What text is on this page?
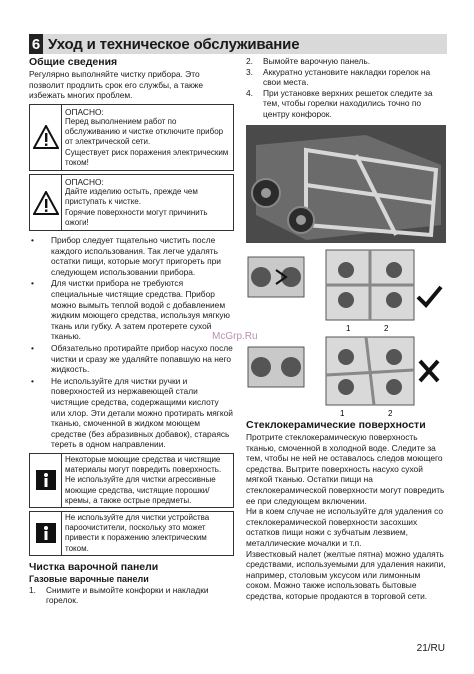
6 Уход и техническое обслуживание
Общие сведения

Регулярно выполняйте чистку прибора. Это позволит продлить срок его службы, а также избежать многих проблем.

ОПАСНО:
Перед выполнением работ по обслуживанию и чистке отключите прибор от электрической сети.
Существует риск поражения электрическим током!
ОПАСНО:
Дайте изделию остыть, прежде чем приступать к чистке.
Горячие поверхности могут причинить ожоги!
• Прибор следует тщательно чистить после каждого использования. Так легче удалять остатки пищи, которые могут пригореть при следующем использовании прибора.
• Для чистки прибора не требуются специальные чистящие средства. Прибор можно вымыть теплой водой с добавлением жидким моющего средства, используя мягкую ткань или губку. А затем протерете сухой тканью.
• Обязательно протирайте прибор насухо после чистки и сразу же удаляйте попавшую на него жидкость.
• Не используйте для чистки ручки и поверхностей из нержавеющей стали чистящие средства, содержащими кислоту или хлор. Эти детали можно протирать мягкой тканью, смоченной в жидком моющем средстве (без абразивных добавок), стараясь тереть в одном направлении.
Некоторые моющие средства и чистящие материалы могут повредить поверхность. Не используйте для чистки агрессивные моющие средства, чистящие порошки/кремы, а также острые предметы.
Не используйте для чистки устройства пароочистители, поскольку это может привести к поражению электрическим током.
Чистка варочной панели
Газовые варочные панели
1. Снимите и вымойте конфорки и накладки горелок.
2. Вымойте варочную панель.
3. Аккуратно установите накладки горелок на свои места.
4. При установке верхних решеток следите за тем, чтобы горелки находились точно по центру конфорок.
1	2
1	2
Стеклокерамические поверхности

Протрите стеклокерамическую поверхность тканью, смоченной в холодной воде. Следите за тем, чтобы не ней не оставалось следов моющего средства. Вытрите поверхность насухо сухой мягкой тканью. Остатки пищи на стеклокерамической поверхности могут повредить ее при следующем включении.

Ни в коем случае не используйте для удаления со стеклокерамической поверхности засохших остатков пищи ножи с зубчатым лезвием, металлические мочалки и т.п.

Известковый налет (желтые пятна) можно удалять средствами, используемыми для удаления накипи, например, столовым уксусом или лимонным соком. Можно также использовать бытовые средства, которые продаются в торговой сети.

McGrp.Ru
21/RU
